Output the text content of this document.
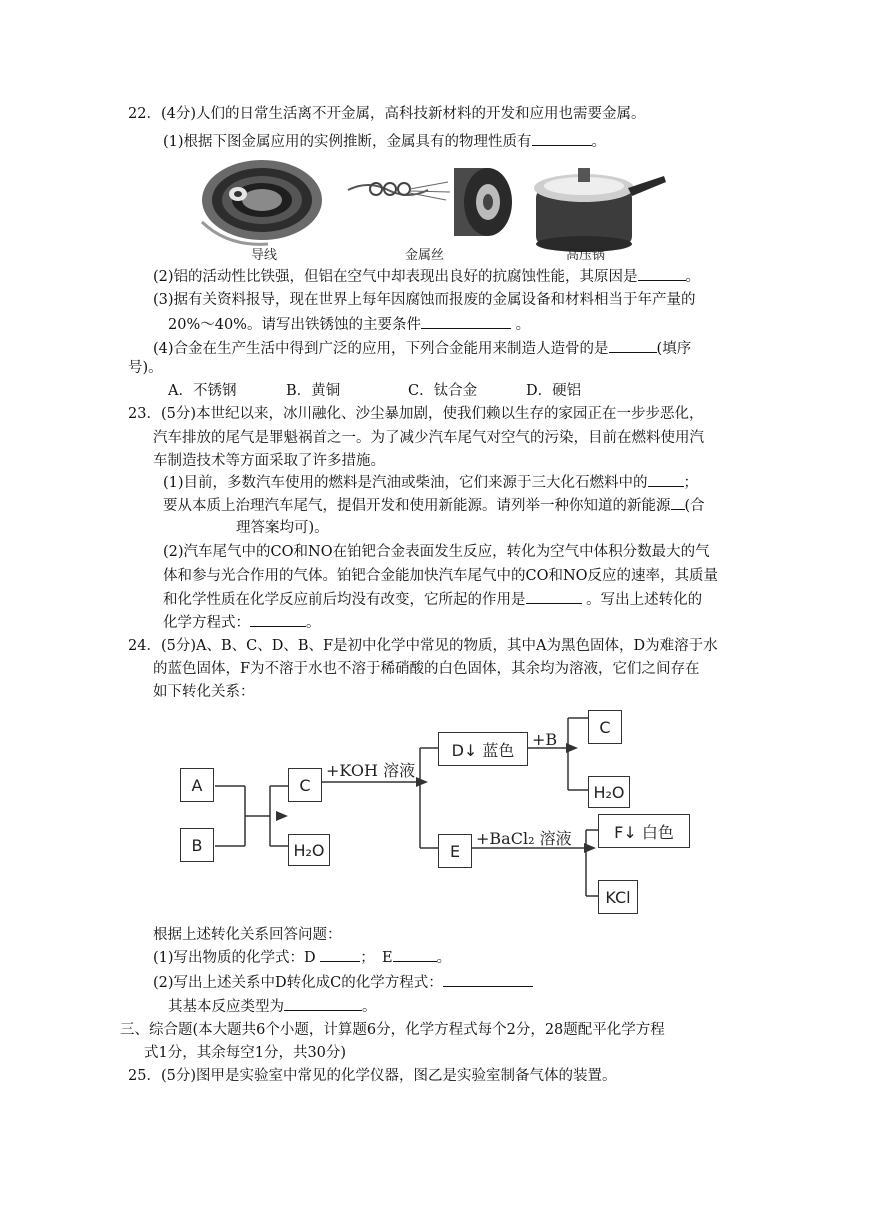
22．(4分)人们的日常生活离不开金属，高科技新材料的开发和应用也需要金属。
(1)根据下图金属应用的实例推断，金属具有的物理性质有	。
导线	金属丝	高压锅
(2)铝的活动性比铁强，但铝在空气中却表现出良好的抗腐蚀性能，其原因是	。
(3)据有关资料报导，现在世界上每年因腐蚀而报废的金属设备和材料相当于年产量的
20%～40%。请写出铁锈蚀的主要条件	。
(4)合金在生产生活中得到广泛的应用，下列合金能用来制造人造骨的是	(填序
号)。
A．不锈钢	B．黄铜	C．钛合金	D．硬铝
23．(5分)本世纪以来，冰川融化、沙尘暴加剧，使我们赖以生存的家园正在一步步恶化，
汽车排放的尾气是罪魁祸首之一。为了减少汽车尾气对空气的污染，目前在燃料使用汽
车制造技术等方面采取了许多措施。
(1)目前，多数汽车使用的燃料是汽油或柴油，它们来源于三大化石燃料中的 ；
要从本质上治理汽车尾气，提倡开发和使用新能源。请列举一种你知道的新能源 (合
理答案均可)。
(2)汽车尾气中的CO和NO在铂钯合金表面发生反应，转化为空气中体积分数最大的气
体和参与光合作用的气体。铂钯合金能加快汽车尾气中的CO和NO反应的速率，其质量
和化学性质在化学反应前后均没有改变，它所起的作用是	。写出上述转化的
化学方程式：	。
24．(5分)A、B、C、D、B、F是初中化学中常见的物质，其中A为黑色固体，D为难溶于水
的蓝色固体，F为不溶于水也不溶于稀硝酸的白色固体，其余均为溶液，它们之间存在
如下转化关系：
A
B
C
H₂O
+KOH 溶液
D↓ 蓝色
E
+B
C
H₂O
+BaCl₂ 溶液	F↓ 白色
KCl
根据上述转化关系回答问题：
(1)写出物质的化学式：D	；　E	。
(2)写出上述关系中D转化成C的化学方程式：
其基本反应类型为	。
三、综合题(本大题共6个小题，计算题6分，化学方程式每个2分，28题配平化学方程
式1分，其余每空1分，共30分)
25．(5分)图甲是实验室中常见的化学仪器，图乙是实验室制备气体的装置。
